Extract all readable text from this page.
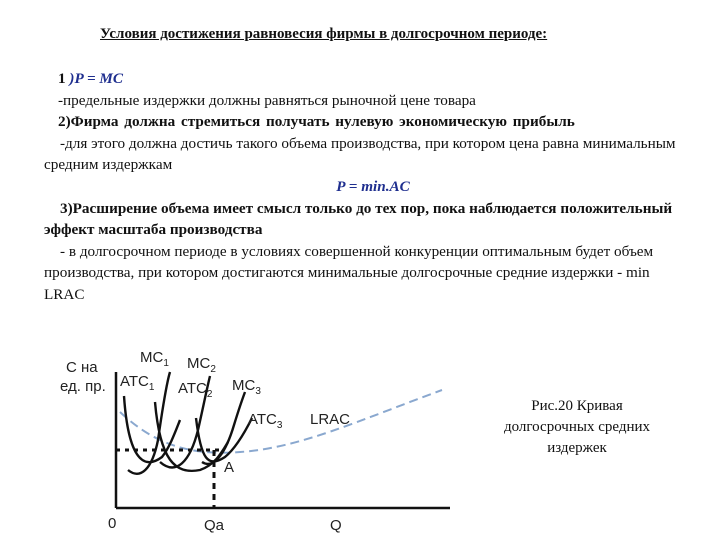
Условия достижения равновесия фирмы в долгосрочном периоде:

1 )P = MC

-предельные издержки должны равняться рыночной цене товара

2)Фирма должна стремиться получать нулевую экономическую прибыль

-для этого должна достичь такого объема производства, при котором цена равна минимальным средним издержкам

P = min.AC

3)Расширение объема имеет смысл только до тех пор, пока наблюдается положительный эффект масштаба производства

- в долгосрочном периоде в условиях совершенной конкуренции оптимальным будет объем производства, при котором достигаются минимальные долгосрочные средние издержки - min LRAC

С на
ед. пр.
0	Q
Qa
A
LRAC
$MC_1$ $MC_2$
$MC_3$
$ATC_1$ $ATC_2$
$ATC_3$
Рис.20 Кривая долгосрочных средних издержек
